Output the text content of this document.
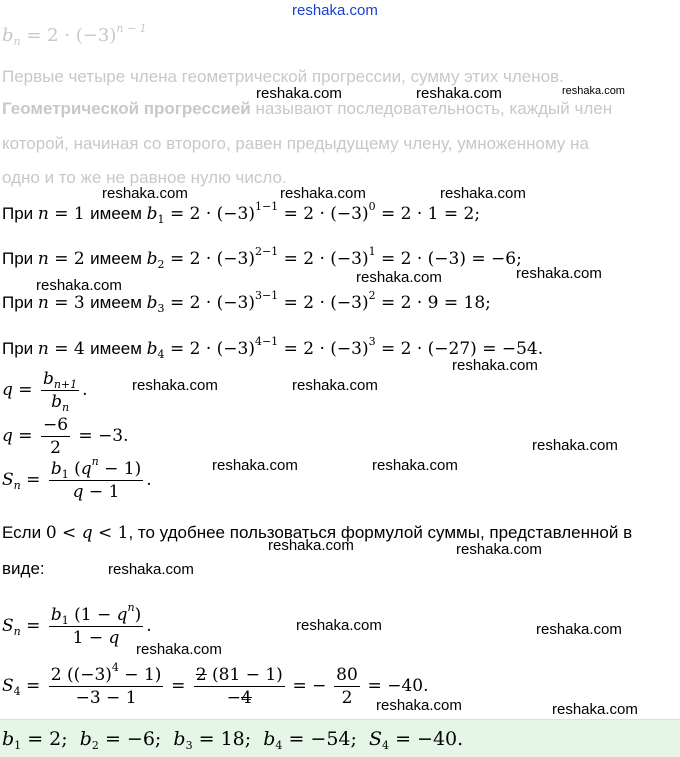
reshaka.com
$b_n = 2 \cdot (-3)^{n - 1}$
Первые четыре члена геометрической прогрессии, сумму этих членов.
Геометрической прогрессией называют последовательность, каждый член
которой, начиная со второго, равен предыдущему члену, умноженному на
одно и то же не равное нулю число.
При n = 1 имеем $b_1 = 2 \cdot (-3)^{1-1} = 2 \cdot (-3)^0 = 2 \cdot 1 = 2$;
При n = 2 имеем $b_2 = 2 \cdot (-3)^{2-1} = 2 \cdot (-3)^1 = 2 \cdot (-3) = -6$;
При n = 3 имеем $b_3 = 2 \cdot (-3)^{3-1} = 2 \cdot (-3)^2 = 2 \cdot 9 = 18$;
При n = 4 имеем $b_4 = 2 \cdot (-3)^{4-1} = 2 \cdot (-3)^3 = 2 \cdot (-27) = -54$.
$q = \frac{b_{n+1}}{b_n}$ .
$q = \frac{-6}{2} = -3$.
$S_n = \frac{b_1 (q^n - 1)}{q - 1}$ .
Если 0 < q < 1, то удобнее пользоваться формулой суммы, представленной в
виде:
$S_n = \frac{b_1 (1 - q^n)}{1 - q}$ .
$S_4 = \frac{2 ((-3)^4 - 1)}{-3 - 1} = \frac{2 (81 - 1)}{-4}$ = − $\frac{80}{2} = -40$.
$b_1 = 2$;  $b_2 = -6$;  $b_3 = 18$;  $b_4 = -54$;  $S_4 = -40$.
reshaka.com	reshaka.com	reshaka.com
reshaka.com	reshaka.com	reshaka.com
reshaka.com	reshaka.com
reshaka.com
reshaka.com
reshaka.com	reshaka.com
reshaka.com
reshaka.com	reshaka.com
reshaka.com	reshaka.com
reshaka.com
reshaka.com	reshaka.com
reshaka.com
reshaka.com	reshaka.com
